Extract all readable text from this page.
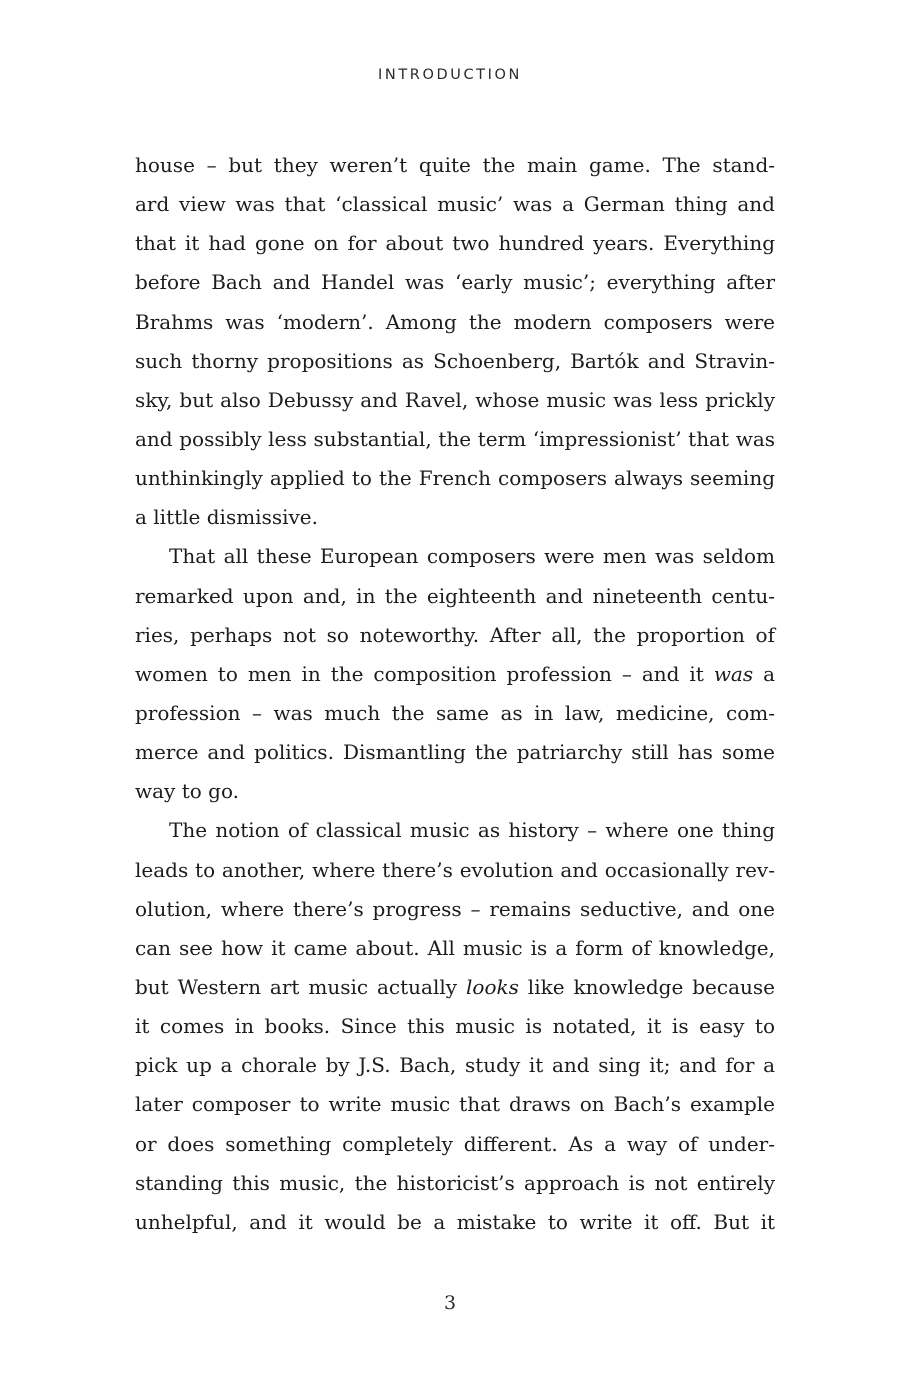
INTRODUCTION
house – but they weren’t quite the main game. The stand-
ard view was that ‘classical music’ was a German thing and
that it had gone on for about two hundred years. Everything
before Bach and Handel was ‘early music’; everything after
Brahms was ‘modern’. Among the modern composers were
such thorny propositions as Schoenberg, Bartók and Stravin-
sky, but also Debussy and Ravel, whose music was less prickly
and possibly less substantial, the term ‘impressionist’ that was
unthinkingly applied to the French composers always seeming
a little dismissive.
That all these European composers were men was seldom
remarked upon and, in the eighteenth and nineteenth centu-
ries, perhaps not so noteworthy. After all, the proportion of
women to men in the composition profession – and it was a
profession – was much the same as in law, medicine, com-
merce and politics. Dismantling the patriarchy still has some
way to go.
The notion of classical music as history – where one thing
leads to another, where there’s evolution and occasionally rev-
olution, where there’s progress – remains seductive, and one
can see how it came about. All music is a form of knowledge,
but Western art music actually looks like knowledge because
it comes in books. Since this music is notated, it is easy to
pick up a chorale by J.S. Bach, study it and sing it; and for a
later composer to write music that draws on Bach’s example
or does something completely different. As a way of under-
standing this music, the historicist’s approach is not entirely
unhelpful, and it would be a mistake to write it off. But it
3
